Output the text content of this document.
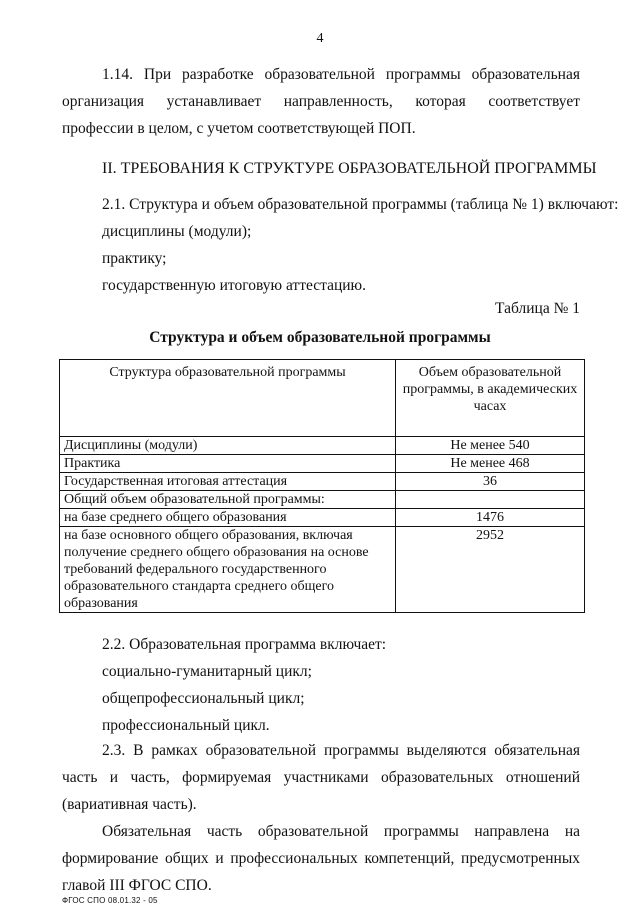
4
1.14. При разработке образовательной программы образовательная организация устанавливает направленность, которая соответствует профессии в целом, с учетом соответствующей ПОП.
II. ТРЕБОВАНИЯ К СТРУКТУРЕ ОБРАЗОВАТЕЛЬНОЙ ПРОГРАММЫ
2.1. Структура и объем образовательной программы (таблица № 1) включают:
дисциплины (модули);
практику;
государственную итоговую аттестацию.
Таблица № 1
Структура и объем образовательной программы
Структура образовательной программы	Объем образовательной программы, в академических часах
Дисциплины (модули)	Не менее 540
Практика	Не менее 468
Государственная итоговая аттестация	36
Общий объем образовательной программы:	
на базе среднего общего образования	1476
на базе основного общего образования, включая получение среднего общего образования на основе требований федерального государственного образовательного стандарта среднего общего образования	2952
2.2. Образовательная программа включает:
социально-гуманитарный цикл;
общепрофессиональный цикл;
профессиональный цикл.
2.3. В рамках образовательной программы выделяются обязательная часть и часть, формируемая участниками образовательных отношений (вариативная часть).
Обязательная часть образовательной программы направлена на формирование общих и профессиональных компетенций, предусмотренных главой III ФГОС СПО.
ФГОС СПО 08.01.32 - 05
